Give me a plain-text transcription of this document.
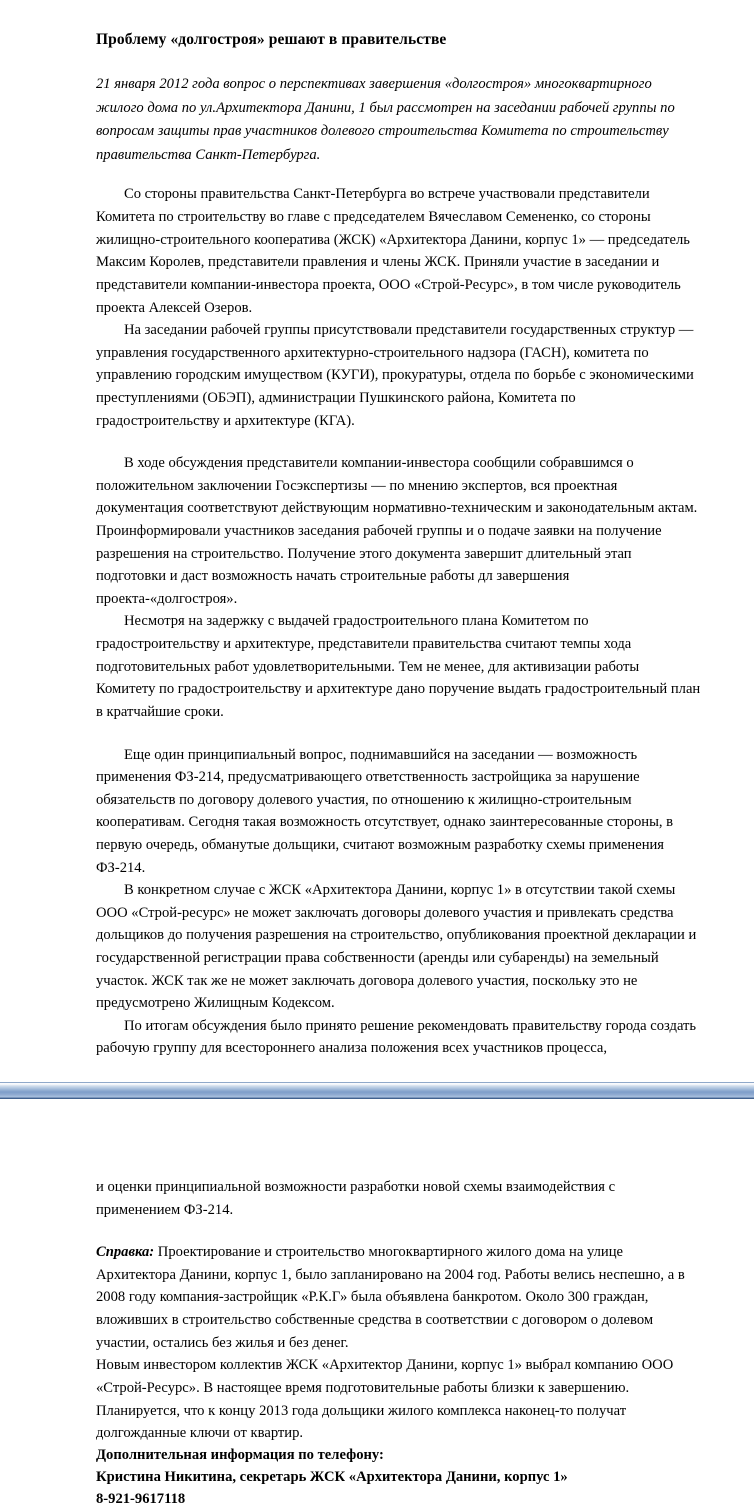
Проблему «долгостроя» решают в правительстве

21 января 2012 года вопрос о перспективах завершения «долгостроя» многоквартирного жилого дома по ул.Архитектора Данини, 1 был рассмотрен на заседании рабочей группы по вопросам защиты прав участников долевого строительства Комитета по строительству правительства Санкт-Петербурга.

Со стороны правительства Санкт-Петербурга во встрече участвовали представители Комитета по строительству во главе с председателем Вячеславом Семененко, со стороны жилищно-строительного кооператива (ЖСК) «Архитектора Данини, корпус 1» — председатель Максим Королев, представители правления и члены ЖСК. Приняли участие в заседании и представители компании-инвестора проекта, ООО «Строй-Ресурс», в том числе руководитель проекта Алексей Озеров.

На заседании рабочей группы присутствовали представители государственных структур — управления государственного архитектурно-строительного надзора (ГАСН), комитета по управлению городским имуществом (КУГИ), прокуратуры, отдела по борьбе с экономическими преступлениями (ОБЭП), администрации Пушкинского района, Комитета по градостроительству и архитектуре (КГА).

В ходе обсуждения представители компании-инвестора сообщили собравшимся о положительном заключении Госэкспертизы — по мнению экспертов, вся проектная документация соответствуют действующим нормативно-техническим и законодательным актам. Проинформировали участников заседания рабочей группы и о подаче заявки на получение разрешения на строительство. Получение этого документа завершит длительный этап подготовки и даст возможность начать строительные работы дл завершения проекта-«долгостроя».

Несмотря на задержку с выдачей градостроительного плана Комитетом по градостроительству и архитектуре, представители правительства считают темпы хода подготовительных работ удовлетворительными. Тем не менее, для активизации работы Комитету по градостроительству и архитектуре дано поручение выдать градостроительный план в кратчайшие сроки.

Еще один принципиальный вопрос, поднимавшийся на заседании — возможность применения ФЗ-214, предусматривающего ответственность застройщика за нарушение обязательств по договору долевого участия, по отношению к жилищно-строительным кооперативам. Сегодня такая возможность отсутствует, однако заинтересованные стороны, в первую очередь, обманутые дольщики, считают возможным разработку схемы применения ФЗ-214.

В конкретном случае с ЖСК «Архитектора Данини, корпус 1» в отсутствии такой схемы ООО «Строй-ресурс» не может заключать договоры долевого участия и привлекать средства дольщиков до получения разрешения на строительство, опубликования проектной декларации и государственной регистрации права собственности (аренды или субаренды) на земельный участок. ЖСК так же не может заключать договора долевого участия, поскольку это не предусмотрено Жилищным Кодексом.

По итогам обсуждения было принято решение рекомендовать правительству города создать рабочую группу для всестороннего анализа положения всех участников процесса,

и оценки принципиальной возможности разработки новой схемы взаимодействия с применением ФЗ-214.

Справка: Проектирование и строительство многоквартирного жилого дома на улице Архитектора Данини, корпус 1, было запланировано на 2004 год. Работы велись неспешно, а в 2008 году компания-застройщик «Р.К.Г» была объявлена банкротом. Около 300 граждан, вложивших в строительство собственные средства в соответствии с договором о долевом участии, остались без жилья и без денег.

Новым инвестором коллектив ЖСК «Архитектор Данини, корпус 1» выбрал компанию ООО «Строй-Ресурс». В настоящее время подготовительные работы близки к завершению. Планируется, что к концу 2013 года дольщики жилого комплекса наконец-то получат долгожданные ключи от квартир.

Дополнительная информация по телефону:

Кристина Никитина, секретарь ЖСК «Архитектора Данини, корпус 1»

8-921-9617118
